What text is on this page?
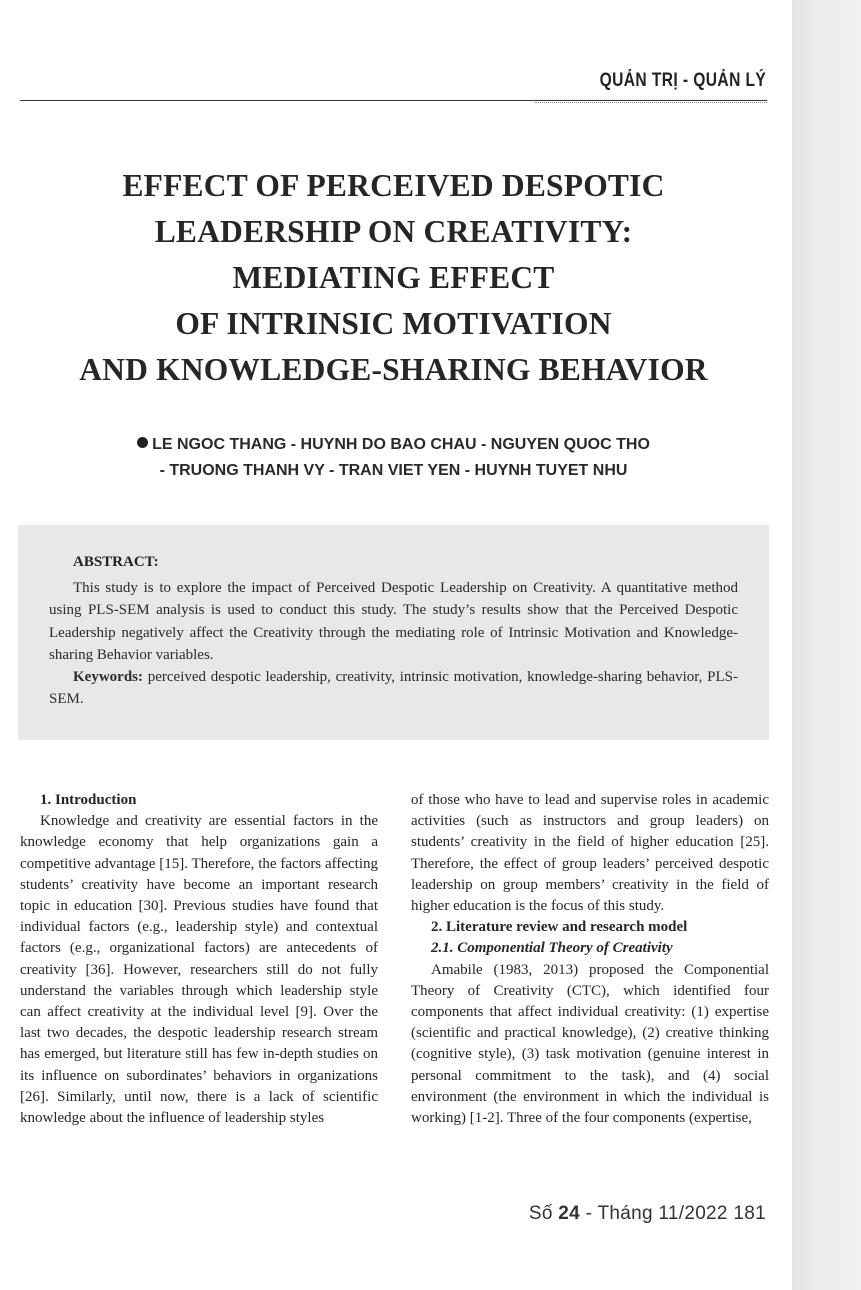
QUẢN TRỊ - QUẢN LÝ
EFFECT OF PERCEIVED DESPOTIC
LEADERSHIP ON CREATIVITY:
MEDIATING EFFECT
OF INTRINSIC MOTIVATION
AND KNOWLEDGE-SHARING BEHAVIOR
LE NGOC THANG - HUYNH DO BAO CHAU - NGUYEN QUOC THO
- TRUONG THANH VY - TRAN VIET YEN - HUYNH TUYET NHU
ABSTRACT:
This study is to explore the impact of Perceived Despotic Leadership on Creativity. A quantitative method using PLS-SEM analysis is used to conduct this study. The study’s results show that the Perceived Despotic Leadership negatively affect the Creativity through the mediating role of Intrinsic Motivation and Knowledge-sharing Behavior variables.
Keywords: perceived despotic leadership, creativity, intrinsic motivation, knowledge-sharing behavior, PLS-SEM.

1. Introduction

Knowledge and creativity are essential factors in the knowledge economy that help organizations gain a competitive advantage [15]. Therefore, the factors affecting students’ creativity have become an important research topic in education [30]. Previous studies have found that individual factors (e.g., leadership style) and contextual factors (e.g., organizational factors) are antecedents of creativity [36]. However, researchers still do not fully understand the variables through which leadership style can affect creativity at the individual level [9]. Over the last two decades, the despotic leadership research stream has emerged, but literature still has few in-depth studies on its influence on subordinates’ behaviors in organizations [26]. Similarly, until now, there is a lack of scientific knowledge about the influence of leadership styles

of those who have to lead and supervise roles in academic activities (such as instructors and group leaders) on students’ creativity in the field of higher education [25]. Therefore, the effect of group leaders’ perceived despotic leadership on group members’ creativity in the field of higher education is the focus of this study.

2. Literature review and research model

2.1. Componential Theory of Creativity

Amabile (1983, 2013) proposed the Componential Theory of Creativity (CTC), which identified four components that affect individual creativity: (1) expertise (scientific and practical knowledge), (2) creative thinking (cognitive style), (3) task motivation (genuine interest in personal commitment to the task), and (4) social environment (the environment in which the individual is working) [1-2]. Three of the four components (expertise,

Số 24 - Tháng 11/2022 181
